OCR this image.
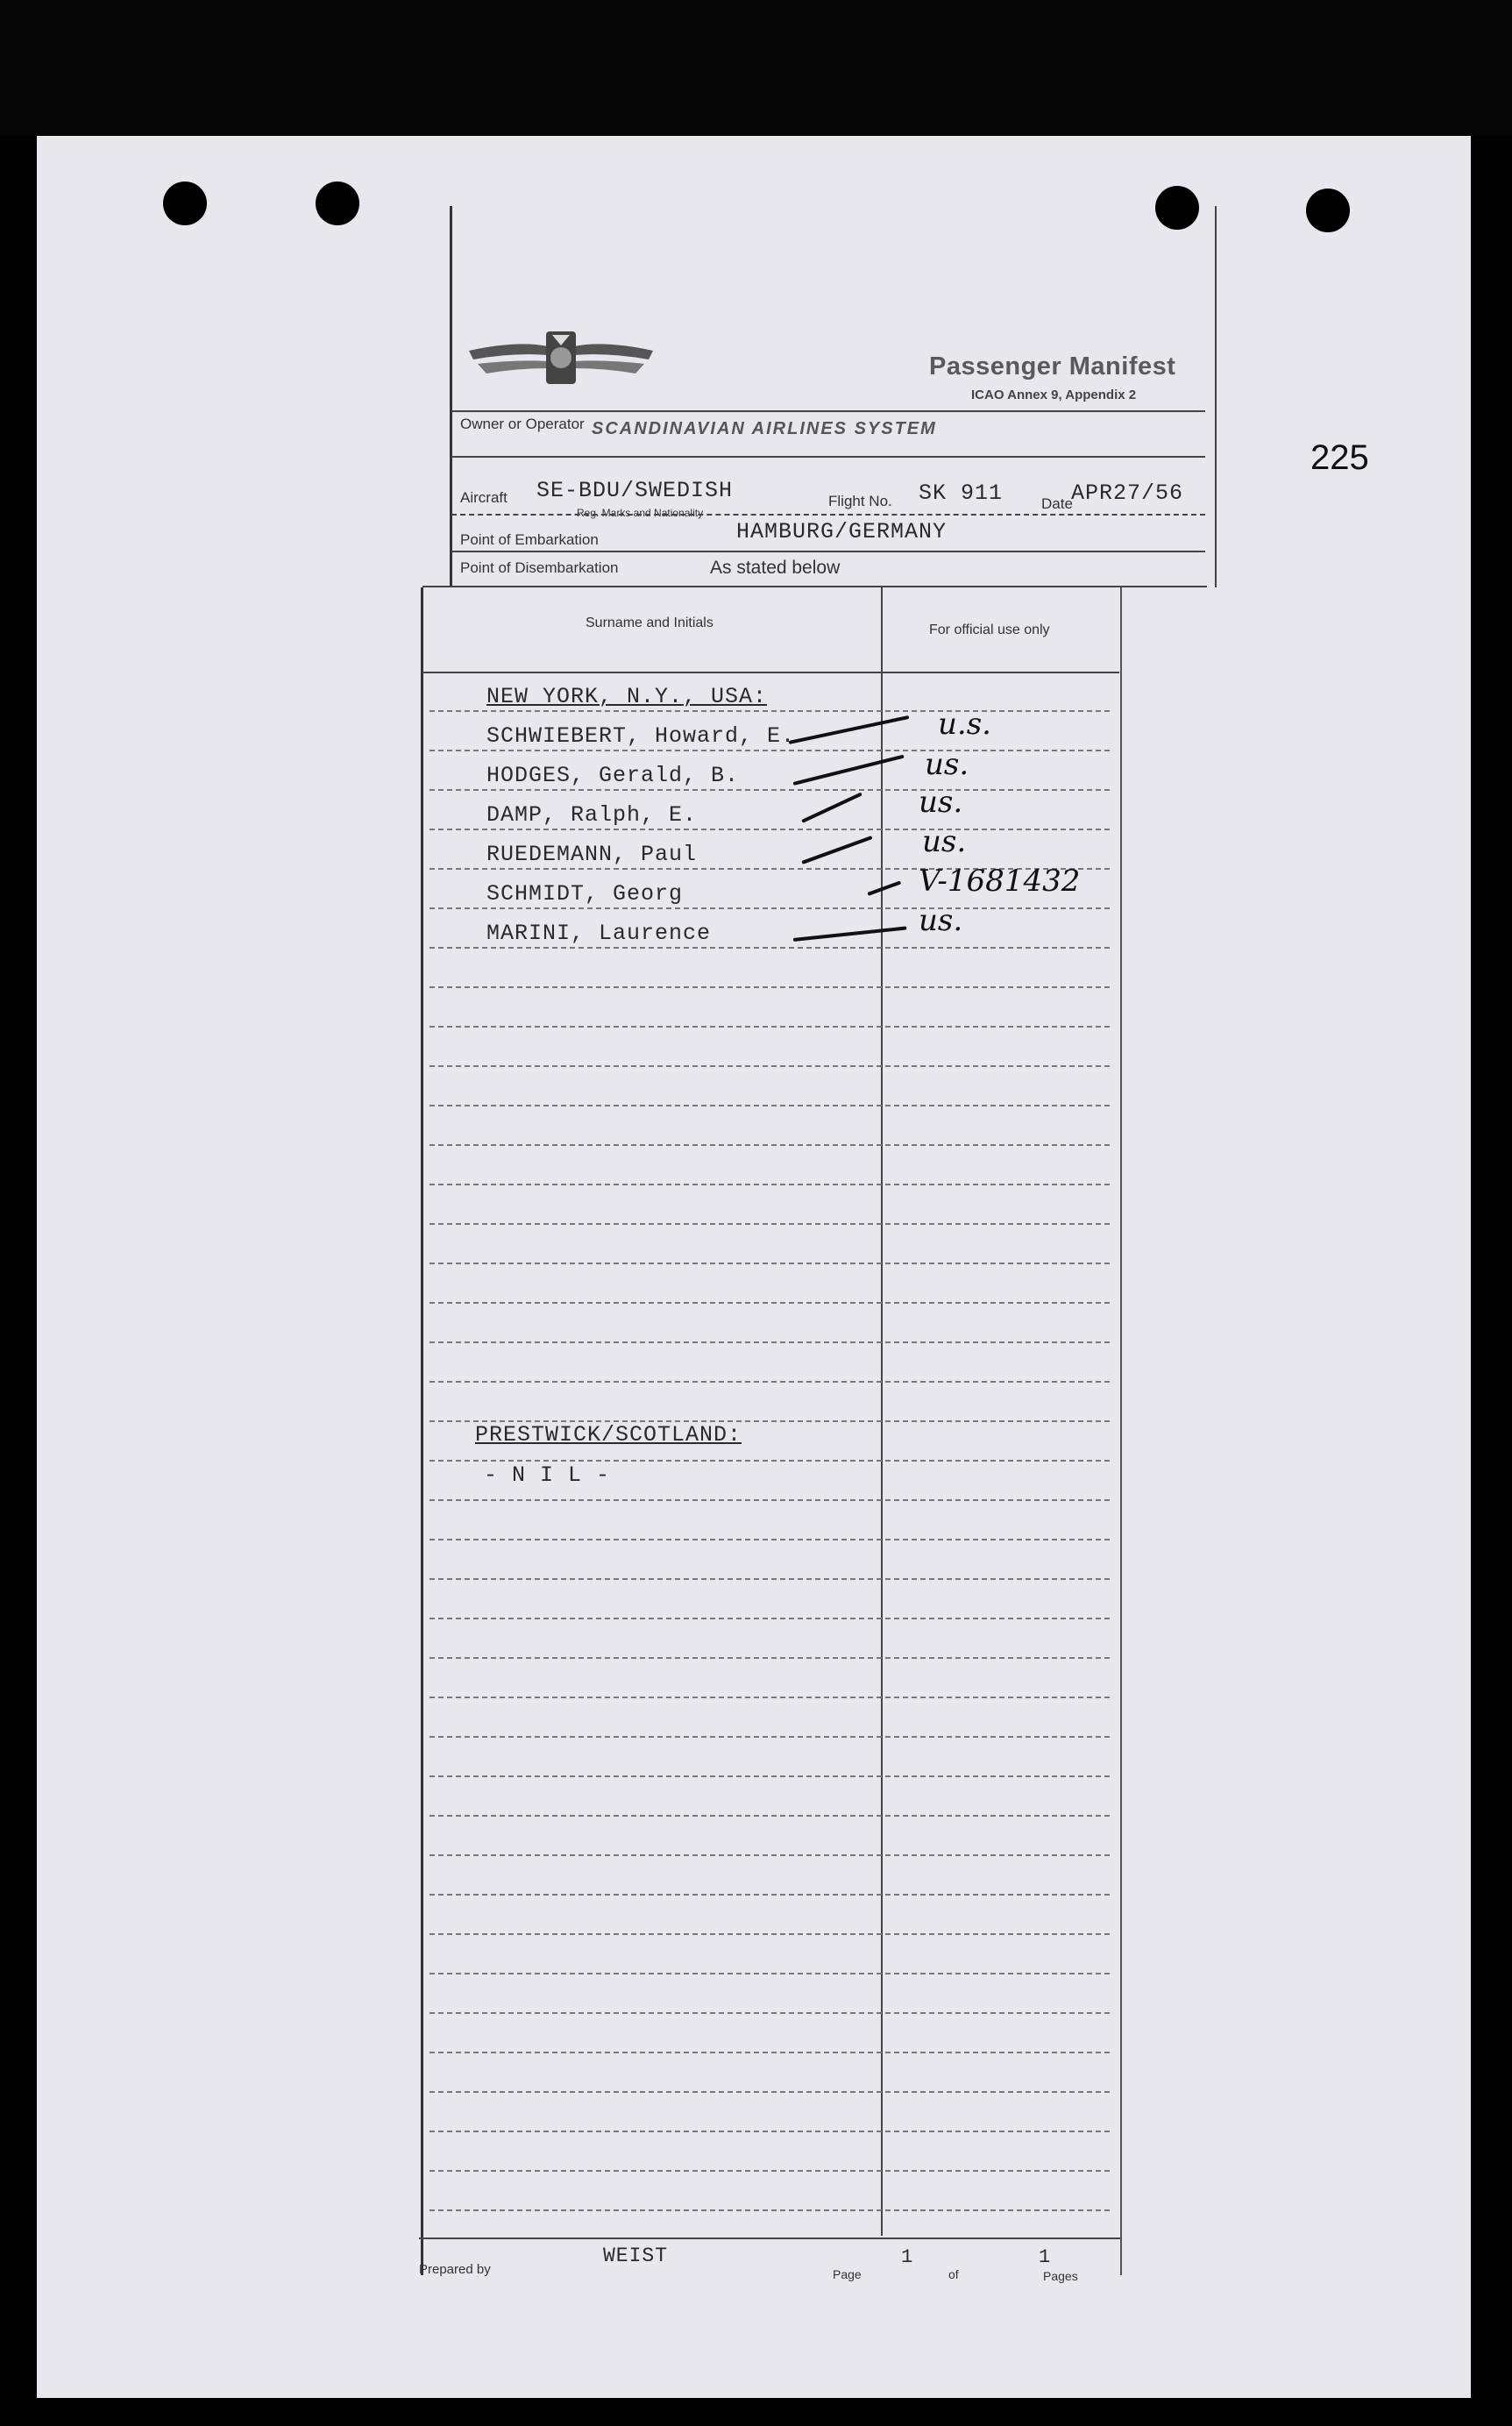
225
Passenger Manifest
ICAO Annex 9, Appendix 2
Owner or Operator SCANDINAVIAN AIRLINES SYSTEM
Aircraft SE-BDU/SWEDISH
Reg. Marks and Nationality
Flight No. SK 911	Date
APR27/56
Point of Embarkation	HAMBURG/GERMANY
Point of Disembarkation	As stated below
Surname and Initials	For official use only
NEW YORK, N.Y., USA:
SCHWIEBERT, Howard, E.	u.s.
HODGES, Gerald, B.	us.
DAMP, Ralph, E.	us.
RUEDEMANN, Paul	us.
SCHMIDT, Georg	V-1681432
MARINI, Laurence	us.
PRESTWICK/SCOTLAND:
- N I L -
Prepared by
WEIST
Page
1
of
1
Pages
